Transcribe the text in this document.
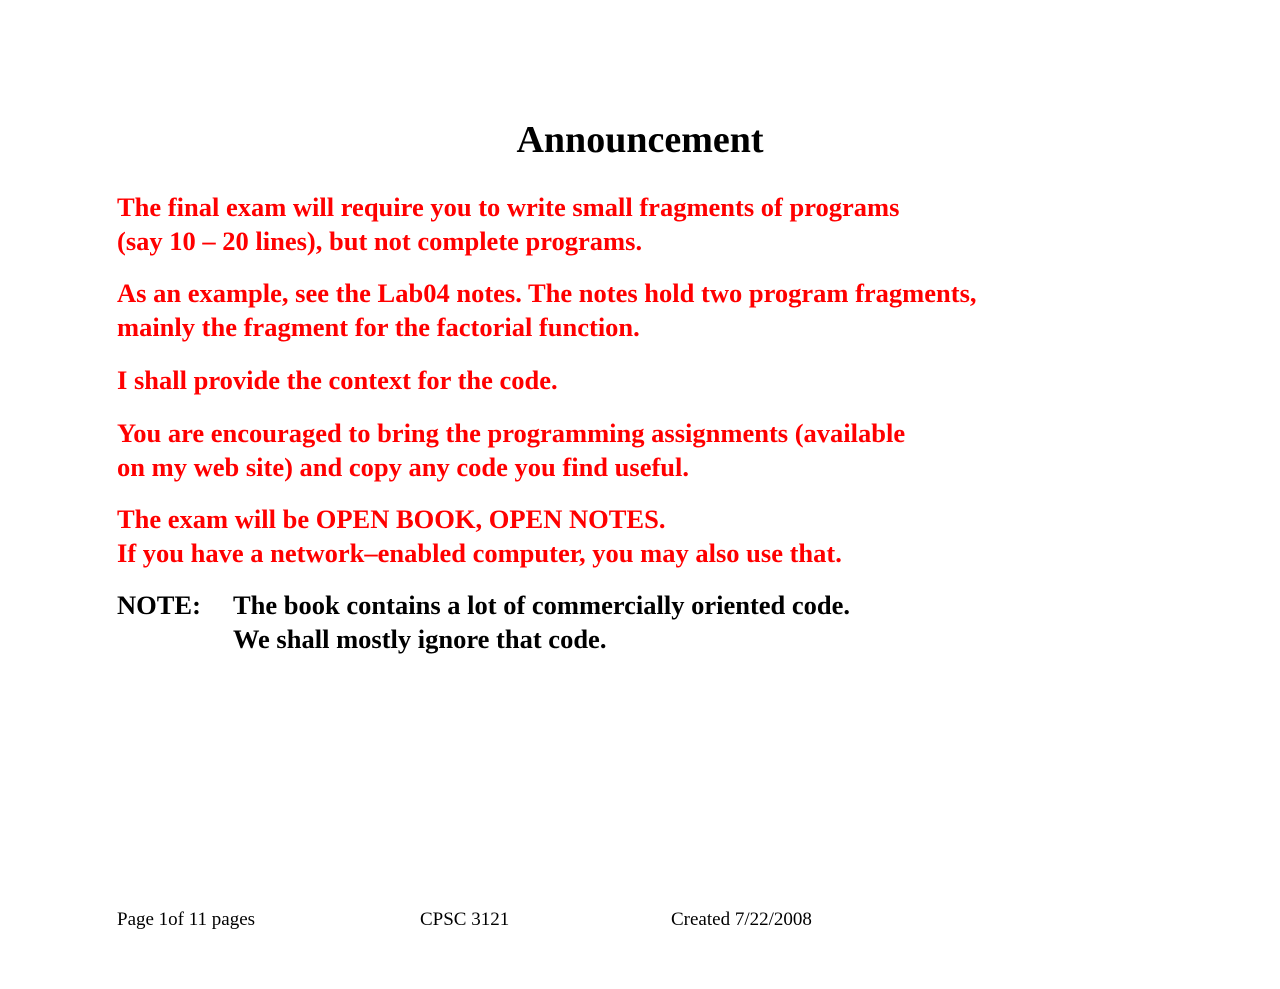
Announcement
The final exam will require you to write small fragments of programs
(say 10 – 20 lines), but not complete programs.
As an example, see the Lab04 notes. The notes hold two program fragments,
mainly the fragment for the factorial function.
I shall provide the context for the code.
You are encouraged to bring the programming assignments (available
on my web site) and copy any code you find useful.
The exam will be OPEN BOOK, OPEN NOTES.
If you have a network–enabled computer, you may also use that.
NOTE: The book contains a lot of commercially oriented code.
We shall mostly ignore that code.
Page 1of 11 pages	CPSC 3121	Created 7/22/2008
